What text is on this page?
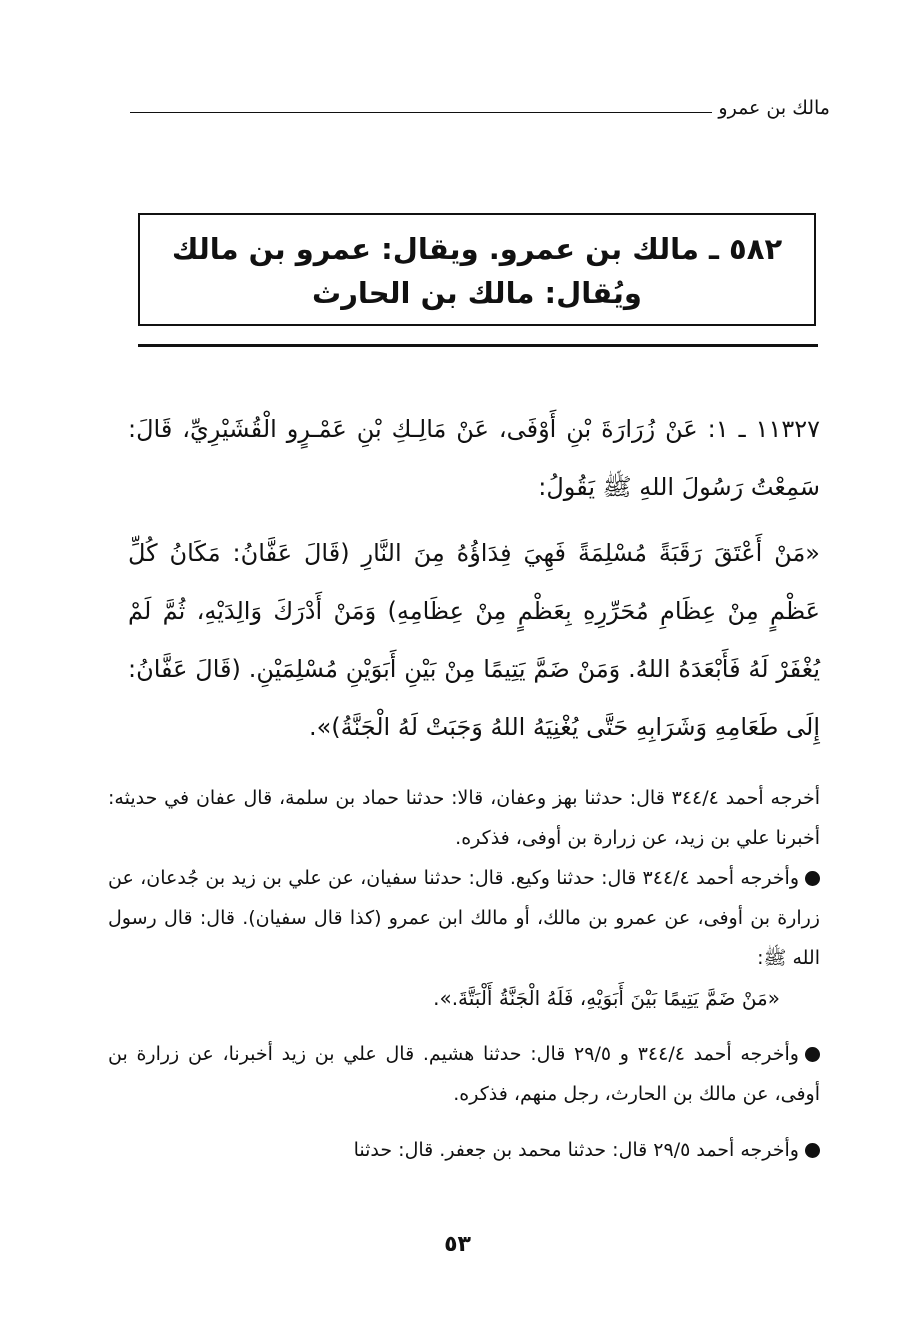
مالك بن عمرو
٥٨٢ ـ مالك بن عمرو. ويقال: عمرو بن مالك
ويُقال: مالك بن الحارث

١١٣٢٧ ـ ١: عَنْ زُرَارَةَ بْنِ أَوْفَى، عَنْ مَالِـكِ بْنِ عَمْـرٍو الْقُشَيْرِيِّ، قَالَ: سَمِعْتُ رَسُولَ اللهِ ﷺ يَقُولُ:

«مَنْ أَعْتَقَ رَقَبَةً مُسْلِمَةً فَهِيَ فِدَاؤُهُ مِنَ النَّارِ (قَالَ عَفَّانُ: مَكَانُ كُلِّ عَظْمٍ مِنْ عِظَامِ مُحَرِّرِهِ بِعَظْمٍ مِنْ عِظَامِهِ) وَمَنْ أَدْرَكَ وَالِدَيْهِ، ثُمَّ لَمْ يُغْفَرْ لَهُ فَأَبْعَدَهُ اللهُ. وَمَنْ ضَمَّ يَتِيمًا مِنْ بَيْنِ أَبَوَيْنِ مُسْلِمَيْنِ. (قَالَ عَفَّانُ: إِلَى طَعَامِهِ وَشَرَابِهِ حَتَّى يُغْنِيَهُ اللهُ وَجَبَتْ لَهُ الْجَنَّةُ)».

أخرجه أحمد ٣٤٤/٤ قال: حدثنا بهز وعفان، قالا: حدثنا حماد بن سلمة، قال عفان في حديثه: أخبرنا علي بن زيد، عن زرارة بن أوفى، فذكره.

وأخرجه أحمد ٣٤٤/٤ قال: حدثنا وكيع. قال: حدثنا سفيان، عن علي بن زيد بن جُدعان، عن زرارة بن أوفى، عن عمرو بن مالك، أو مالك ابن عمرو (كذا قال سفيان). قال: قال رسول الله ﷺ:

«مَنْ ضَمَّ يَتِيمًا بَيْنَ أَبَوَيْهِ، فَلَهُ الْجَنَّةُ أَلْبَتَّةَ.».

وأخرجه أحمد ٣٤٤/٤ و ٢٩/٥ قال: حدثنا هشيم. قال علي بن زيد أخبرنا، عن زرارة بن أوفى، عن مالك بن الحارث، رجل منهم، فذكره.

وأخرجه أحمد ٢٩/٥ قال: حدثنا محمد بن جعفر. قال: حدثنا

٥٣
